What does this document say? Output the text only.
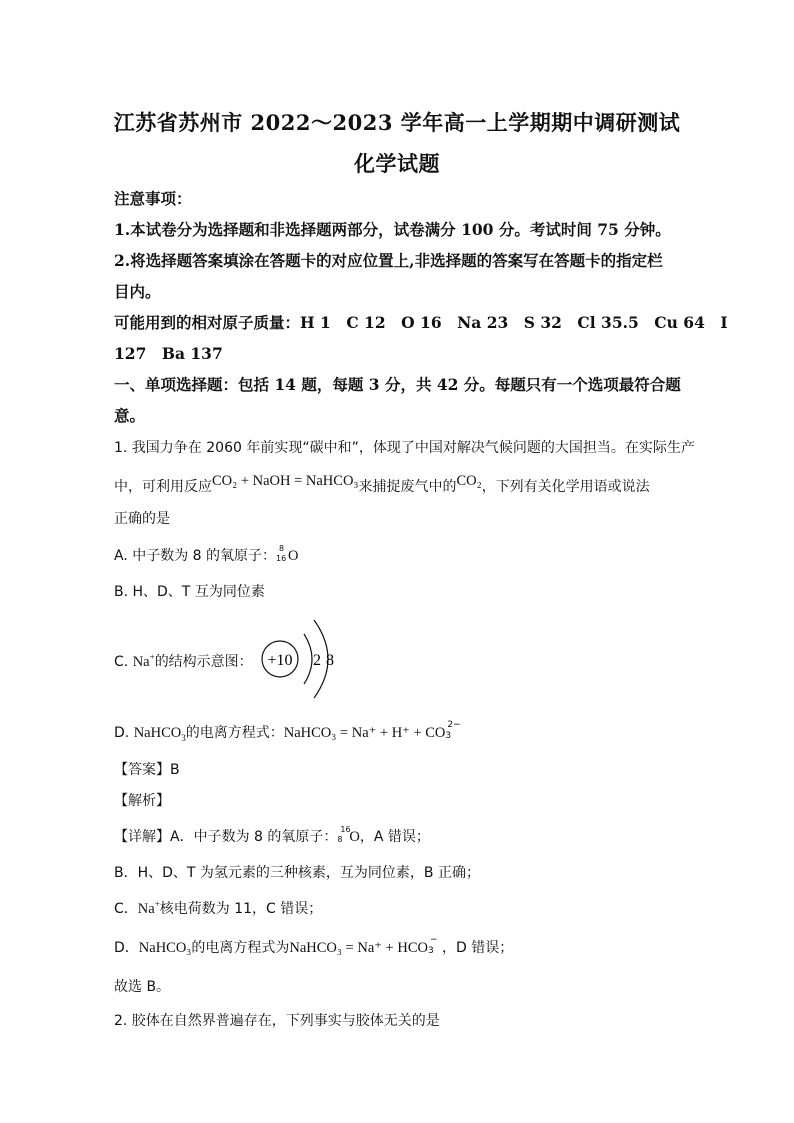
江苏省苏州市 2022～2023 学年高一上学期期中调研测试
化学试题
注意事项：
1.本试卷分为选择题和非选择题两部分，试卷满分 100 分。考试时间 75 分钟。
2.将选择题答案填涂在答题卡的对应位置上,非选择题的答案写在答题卡的指定栏
目内。
可能用到的相对原子质量：H 1　C 12　O 16　Na 23　S 32　Cl 35.5　Cu 64　I
127　Ba 137
一、单项选择题：包括 14 题，每题 3 分，共 42 分。每题只有一个选项最符合题
意。
1. 我国力争在 2060 年前实现“碳中和”，体现了中国对解决气候问题的大国担当。在实际生产
中，可利用反应CO₂ + NaOH = NaHCO₃来捕捉废气中的CO₂，下列有关化学用语或说法
正确的是
A. 中子数为 8 的氧原子： 8
16 O
B. H、D、T 互为同位素
C. Na+的结构示意图： +10 2 8
D. NaHCO$_3$的电离方程式：NaHCO₃ = Na⁺ + H⁺ + CO 2−
3
【答案】B
【解析】
【详解】A．中子数为 8 的氧原子： 16
8 O，A 错误；
B．H、D、T 为氢元素的三种核素，互为同位素，B 正确；
C．Na+核电荷数为 11，C 错误；
D．NaHCO₃的电离方程式为NaHCO₃ = Na⁺ + HCO −
3 ，D 错误；
故选 B。
2. 胶体在自然界普遍存在，下列事实与胶体无关的是
